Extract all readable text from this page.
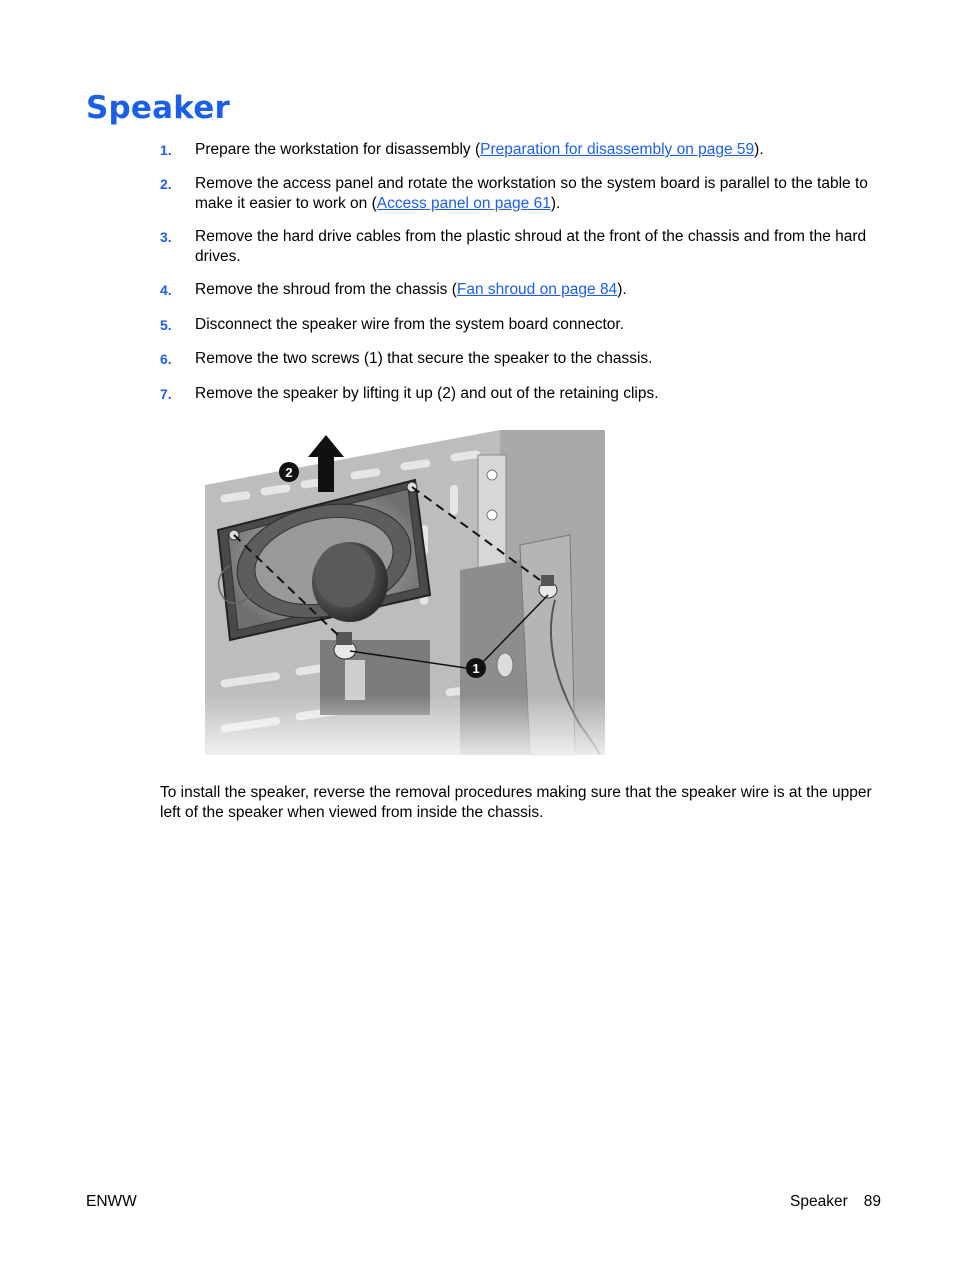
Speaker
1. Prepare the workstation for disassembly (Preparation for disassembly on page 59).
2. Remove the access panel and rotate the workstation so the system board is parallel to the table to make it easier to work on (Access panel on page 61).
3. Remove the hard drive cables from the plastic shroud at the front of the chassis and from the hard drives.
4. Remove the shroud from the chassis (Fan shroud on page 84).
5. Disconnect the speaker wire from the system board connector.
6. Remove the two screws (1) that secure the speaker to the chassis.
7. Remove the speaker by lifting it up (2) and out of the retaining clips.
2
1

To install the speaker, reverse the removal procedures making sure that the speaker wire is at the upper left of the speaker when viewed from inside the chassis.

ENWW	Speaker 89
